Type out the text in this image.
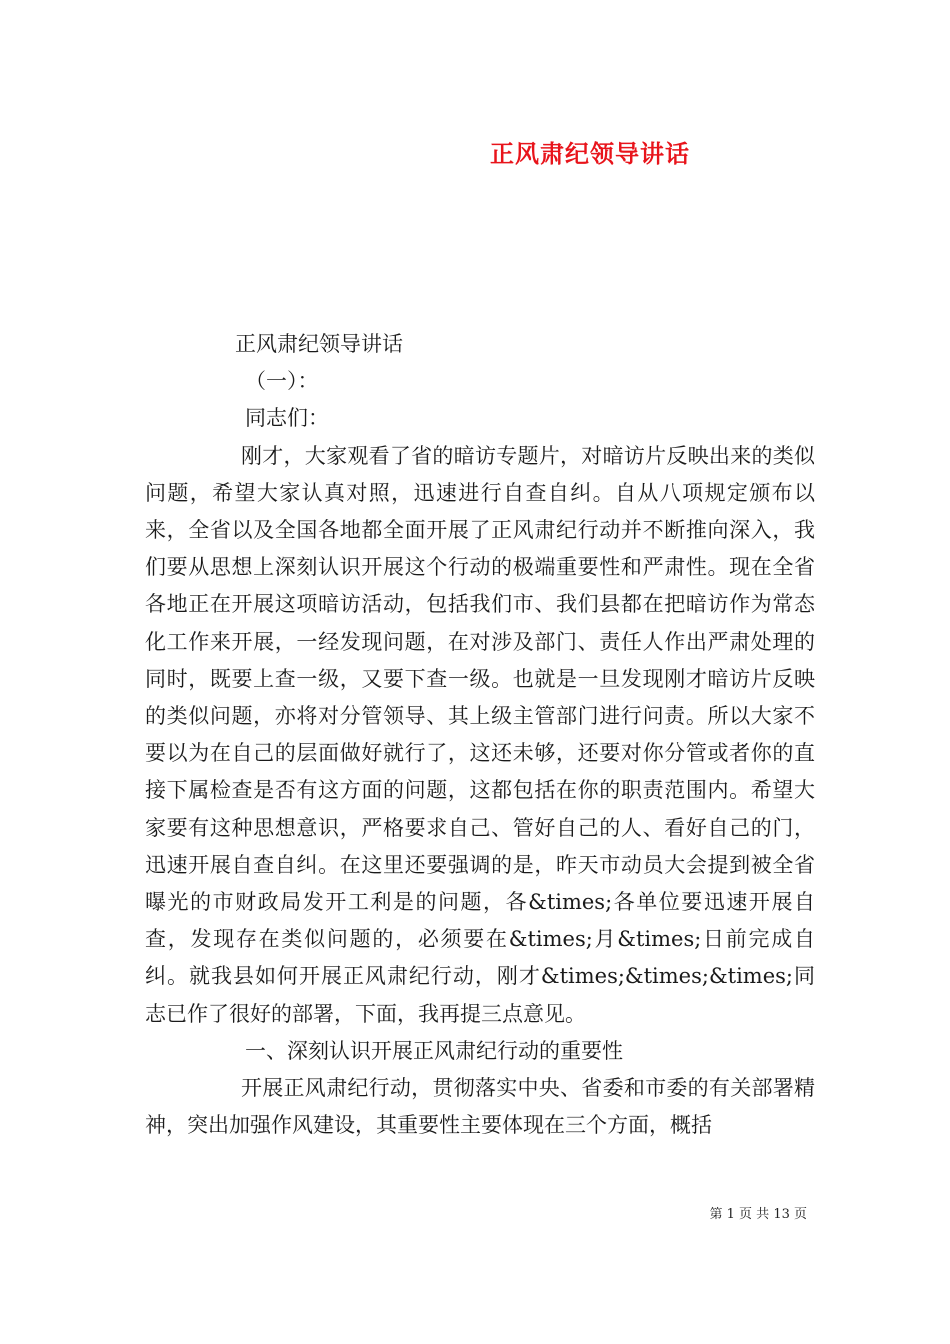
正风肃纪领导讲话

正风肃纪领导讲话

（一）：

同志们：

刚才，大家观看了省的暗访专题片，对暗访片反映出来的类似问题，希望大家认真对照，迅速进行自查自纠。自从八项规定颁布以来，全省以及全国各地都全面开展了正风肃纪行动并不断推向深入，我们要从思想上深刻认识开展这个行动的极端重要性和严肃性。现在全省各地正在开展这项暗访活动，包括我们市、我们县都在把暗访作为常态化工作来开展，一经发现问题，在对涉及部门、责任人作出严肃处理的同时，既要上查一级，又要下查一级。也就是一旦发现刚才暗访片反映的类似问题，亦将对分管领导、其上级主管部门进行问责。所以大家不要以为在自己的层面做好就行了，这还未够，还要对你分管或者你的直接下属检查是否有这方面的问题，这都包括在你的职责范围内。希望大家要有这种思想意识，严格要求自己、管好自己的人、看好自己的门，迅速开展自查自纠。在这里还要强调的是，昨天市动员大会提到被全省曝光的市财政局发开工利是的问题，各&times;各单位要迅速开展自查，发现存在类似问题的，必须要在&times;月&times;日前完成自纠。就我县如何开展正风肃纪行动，刚才&times;&times;&times;同志已作了很好的部署，下面，我再提三点意见。

一、深刻认识开展正风肃纪行动的重要性

开展正风肃纪行动，贯彻落实中央、省委和市委的有关部署精神，突出加强作风建设，其重要性主要体现在三个方面，概括

第 1 页 共 13 页
